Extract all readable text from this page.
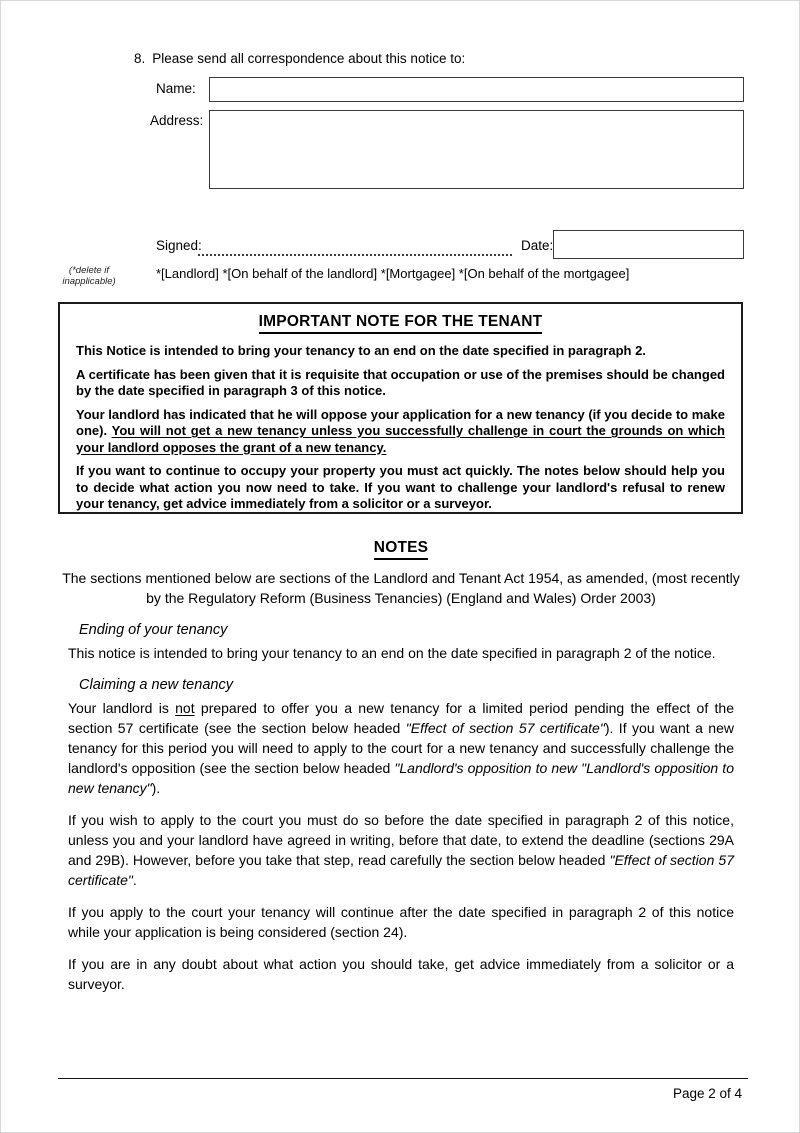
8. Please send all correspondence about this notice to:
Name:
Address:
Signed:	Date:
(*delete if inapplicable)
*[Landlord] *[On behalf of the landlord] *[Mortgagee] *[On behalf of the mortgagee]
IMPORTANT NOTE FOR THE TENANT

This Notice is intended to bring your tenancy to an end on the date specified in paragraph 2.

A certificate has been given that it is requisite that occupation or use of the premises should be changed by the date specified in paragraph 3 of this notice.

Your landlord has indicated that he will oppose your application for a new tenancy (if you decide to make one). You will not get a new tenancy unless you successfully challenge in court the grounds on which your landlord opposes the grant of a new tenancy.

If you want to continue to occupy your property you must act quickly. The notes below should help you to decide what action you now need to take. If you want to challenge your landlord's refusal to renew your tenancy, get advice immediately from a solicitor or a surveyor.

NOTES

The sections mentioned below are sections of the Landlord and Tenant Act 1954, as amended, (most recently by the Regulatory Reform (Business Tenancies) (England and Wales) Order 2003)

Ending of your tenancy

This notice is intended to bring your tenancy to an end on the date specified in paragraph 2 of the notice.

Claiming a new tenancy

Your landlord is not prepared to offer you a new tenancy for a limited period pending the effect of the section 57 certificate (see the section below headed "Effect of section 57 certificate"). If you want a new tenancy for this period you will need to apply to the court for a new tenancy and successfully challenge the landlord's opposition (see the section below headed "Landlord's opposition to new "Landlord's opposition to new tenancy").

If you wish to apply to the court you must do so before the date specified in paragraph 2 of this notice, unless you and your landlord have agreed in writing, before that date, to extend the deadline (sections 29A and 29B). However, before you take that step, read carefully the section below headed "Effect of section 57 certificate".

If you apply to the court your tenancy will continue after the date specified in paragraph 2 of this notice while your application is being considered (section 24).

If you are in any doubt about what action you should take, get advice immediately from a solicitor or a surveyor.

Page 2 of 4
